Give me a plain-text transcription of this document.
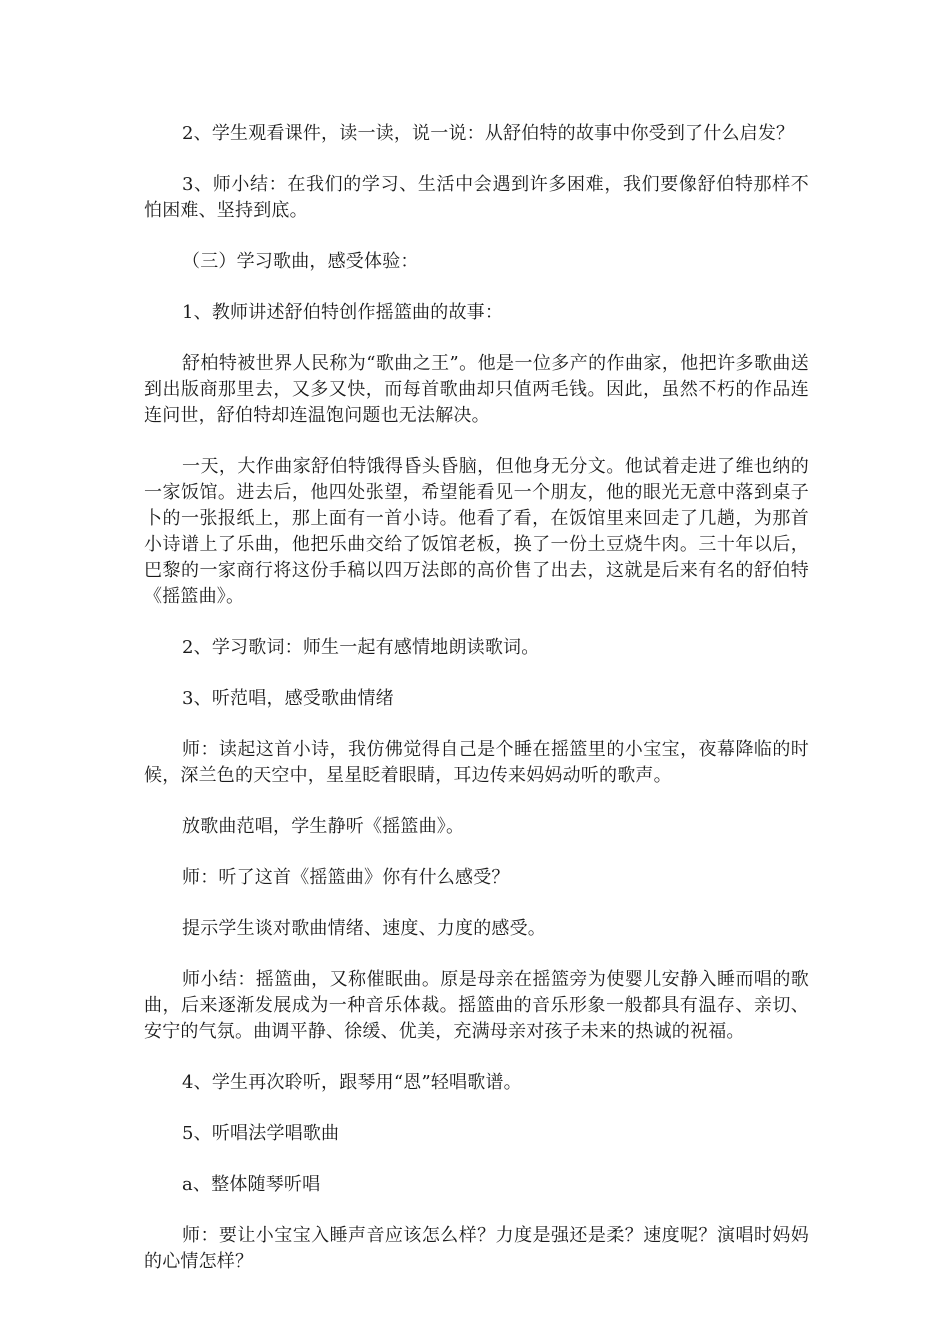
2、学生观看课件，读一读，说一说：从舒伯特的故事中你受到了什么启发？

3、师小结：在我们的学习、生活中会遇到许多困难，我们要像舒伯特那样不怕困难、坚持到底。

（三）学习歌曲，感受体验：

1、教师讲述舒伯特创作摇篮曲的故事：

舒柏特被世界人民称为“歌曲之王”。他是一位多产的作曲家，他把许多歌曲送到出版商那里去，又多又快，而每首歌曲却只值两毛钱。因此，虽然不朽的作品连连问世，舒伯特却连温饱问题也无法解决。

一天，大作曲家舒伯特饿得昏头昏脑，但他身无分文。他试着走进了维也纳的一家饭馆。进去后，他四处张望，希望能看见一个朋友，他的眼光无意中落到桌子卜的一张报纸上，那上面有一首小诗。他看了看，在饭馆里来回走了几趟，为那首小诗谱上了乐曲，他把乐曲交给了饭馆老板，换了一份土豆烧牛肉。三十年以后，巴黎的一家商行将这份手稿以四万法郎的高价售了出去，这就是后来有名的舒伯特《摇篮曲》。

2、学习歌词：师生一起有感情地朗读歌词。

3、听范唱，感受歌曲情绪

师：读起这首小诗，我仿佛觉得自己是个睡在摇篮里的小宝宝，夜幕降临的时候，深兰色的天空中，星星眨着眼睛，耳边传来妈妈动听的歌声。

放歌曲范唱，学生静听《摇篮曲》。

师：听了这首《摇篮曲》你有什么感受？

提示学生谈对歌曲情绪、速度、力度的感受。

师小结：摇篮曲，又称催眠曲。原是母亲在摇篮旁为使婴儿安静入睡而唱的歌曲，后来逐渐发展成为一种音乐体裁。摇篮曲的音乐形象一般都具有温存、亲切、安宁的气氛。曲调平静、徐缓、优美，充满母亲对孩子未来的热诚的祝福。

4、学生再次聆听，跟琴用“恩”轻唱歌谱。

5、听唱法学唱歌曲

a、整体随琴听唱

师：要让小宝宝入睡声音应该怎么样？力度是强还是柔？速度呢？演唱时妈妈的心情怎样？
